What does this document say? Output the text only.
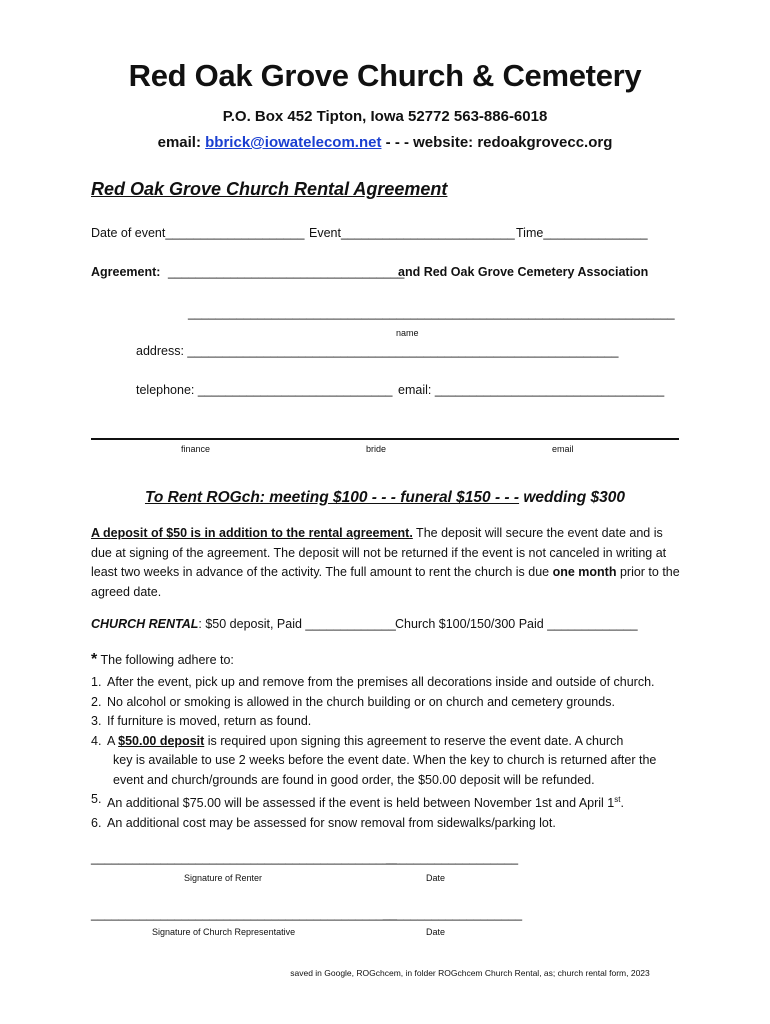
Red Oak Grove Church & Cemetery
P.O. Box 452 Tipton, Iowa 52772 563-886-6018
email: bbrick@iowatelecom.net - - - website: redoakgrovecc.org
Red Oak Grove Church Rental Agreement
Date of event____________________ Event_________________________ Time_______________
Agreement: __________________________________
and Red Oak Grove Cemetery Association
______________________________________________________________________
name
address: ______________________________________________________________
telephone: ____________________________ email: _________________________________
finance	bride	email
To Rent ROGch: meeting $100 - - - funeral $150 - - - wedding $300
A deposit of $50 is in addition to the rental agreement. The deposit will secure the event date and is due at signing of the agreement. The deposit will not be returned if the event is not canceled in writing at least two weeks in advance of the activity. The full amount to rent the church is due one month prior to the agreed date.
CHURCH RENTAL: $50 deposit, Paid _____________ Church $100/150/300 Paid _____________
* The following adhere to:
1. After the event, pick up and remove from the premises all decorations inside and outside of church.
2. No alcohol or smoking is allowed in the church building or on church and cemetery grounds.
3. If furniture is moved, return as found.
4. A $50.00 deposit is required upon signing this agreement to reserve the event date. A church
key is available to use 2 weeks before the event date. When the key to church is returned after the
event and church/grounds are found in good order, the $50.00 deposit will be refunded.
5. An additional $75.00 will be assessed if the event is held between November 1st and April 1st.
6. An additional cost may be assessed for snow removal from sidewalks/parking lot.
____________________________________________
___________________
Signature of Renter	Date
____________________________________________
____________________
Signature of Church Representative	Date
saved in Google, ROGchcem, in folder ROGchcem Church Rental, as; church rental form, 2023
